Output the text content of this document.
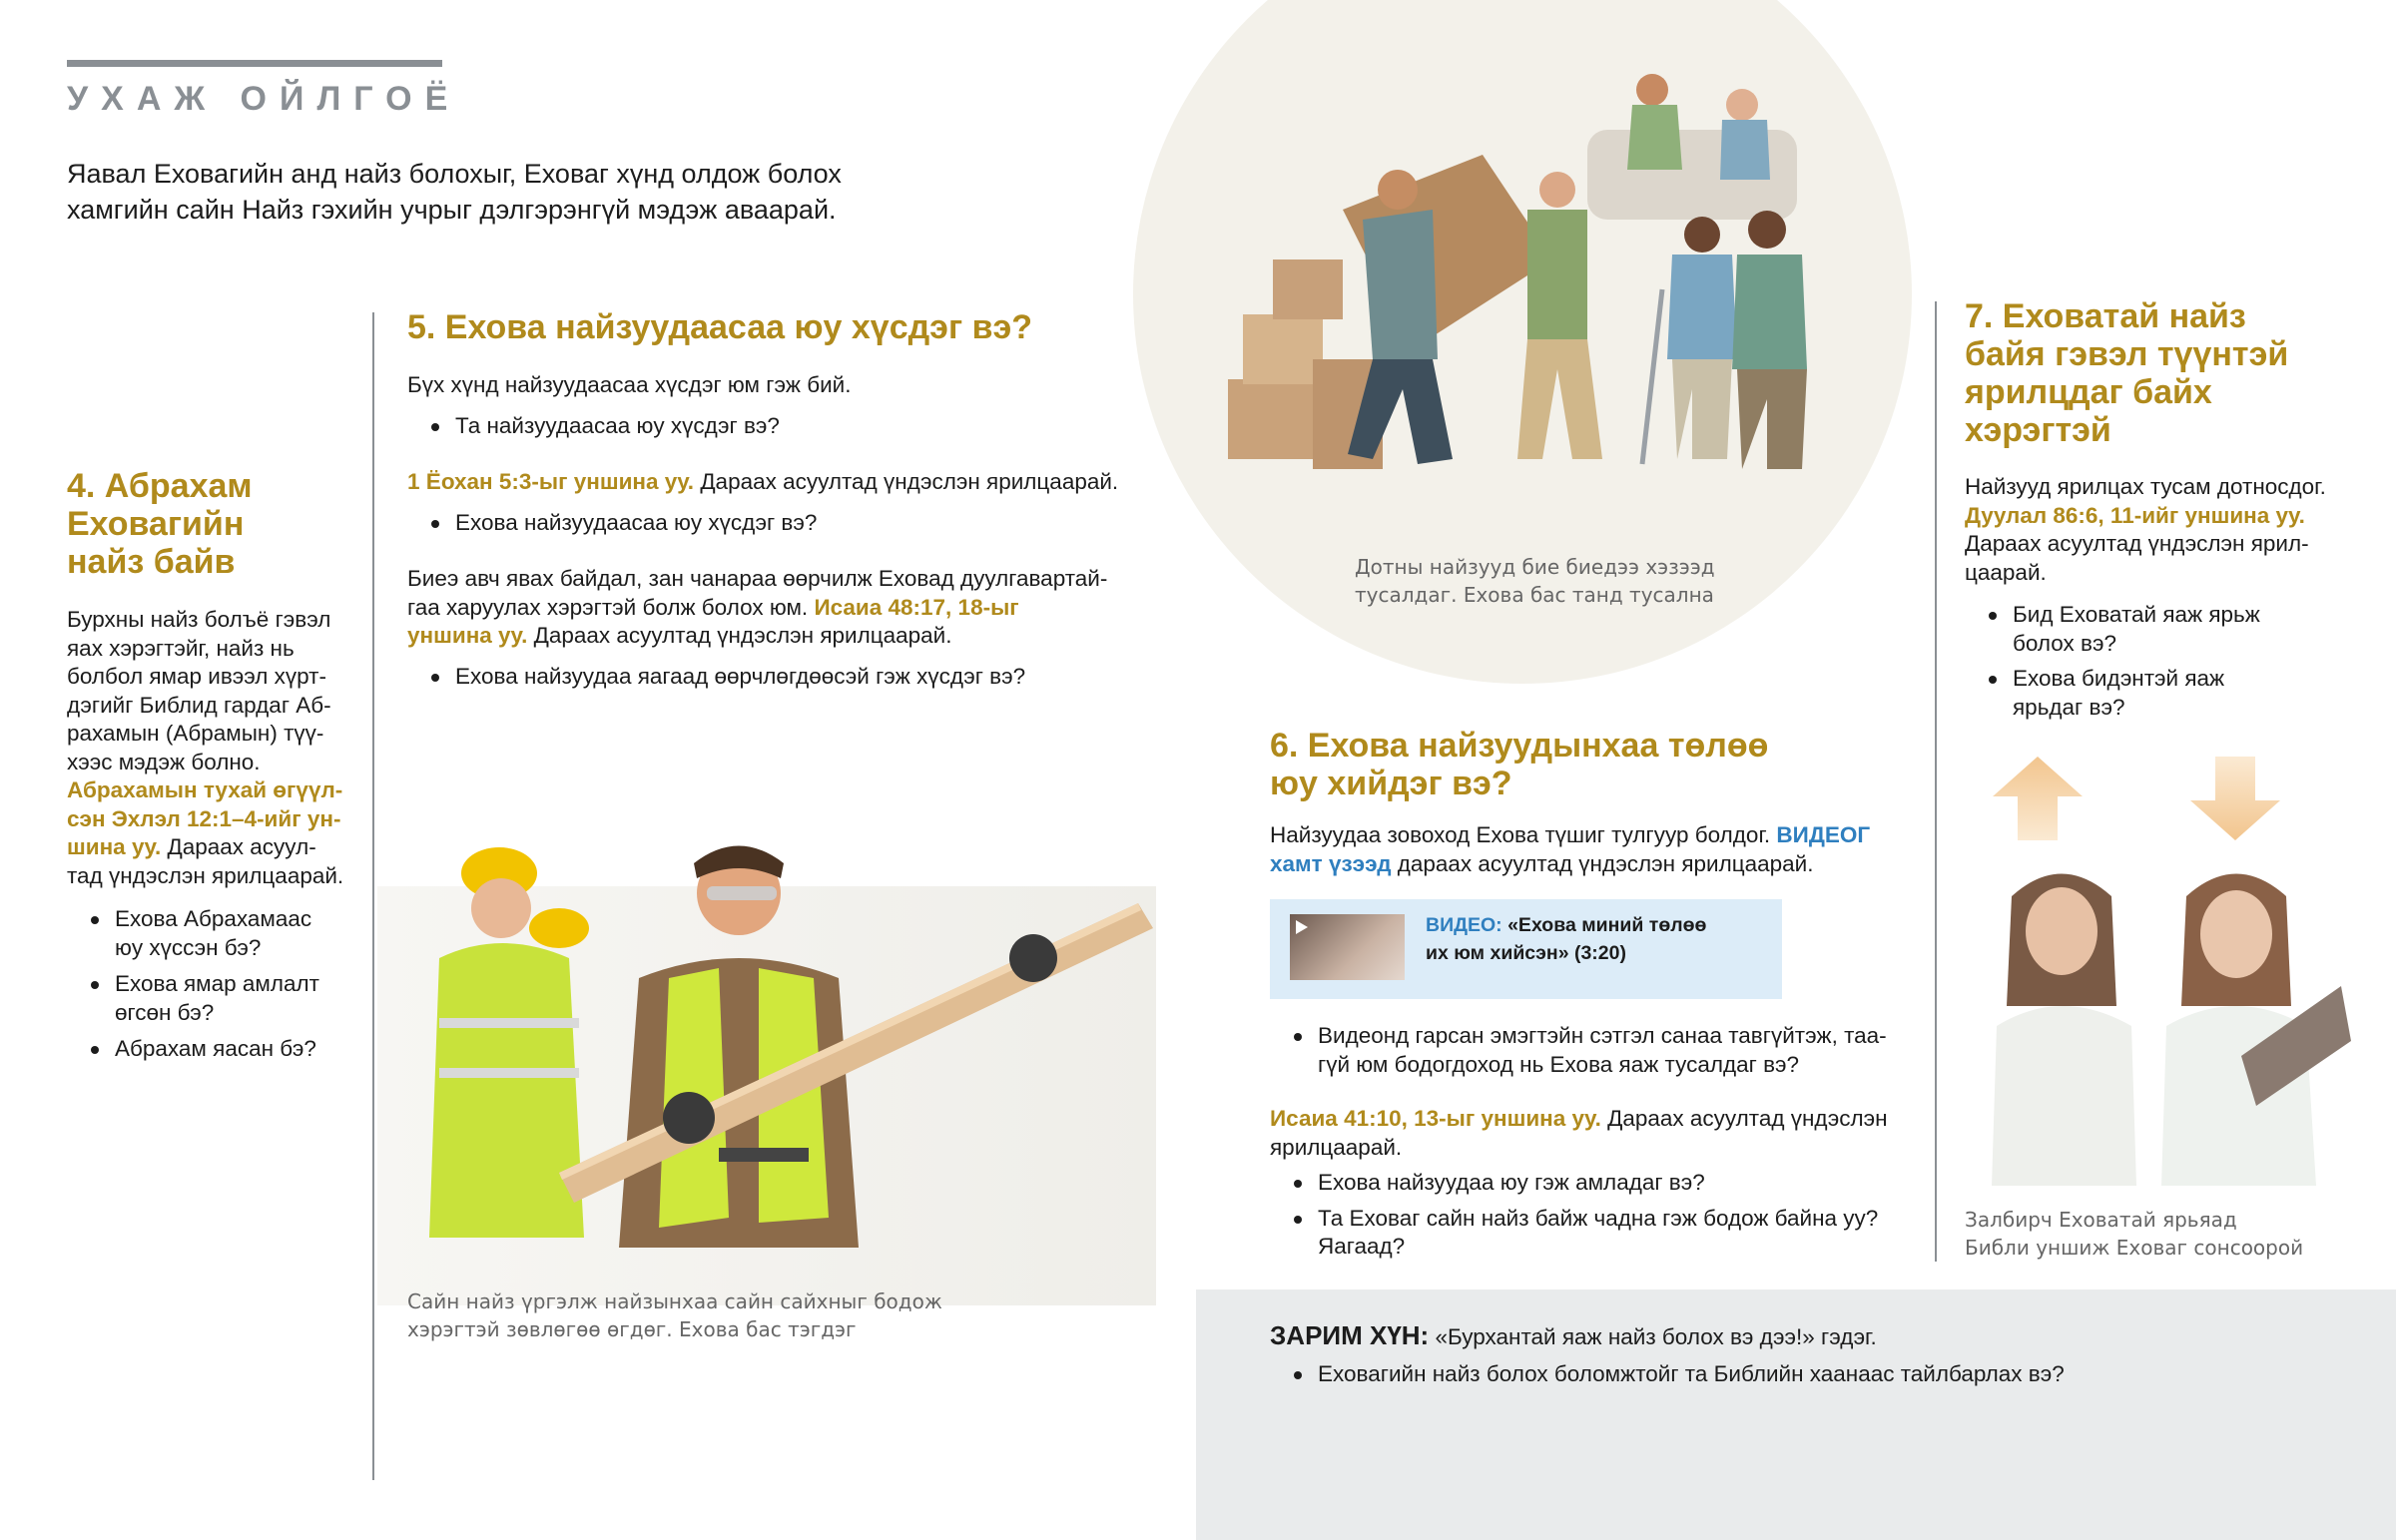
УХАЖ ОЙЛГОЁ
Яавал Еховагийн анд найз болохыг, Еховаг хүнд олдож болох
хамгийн сайн Найз гэхийн учрыг дэлгэрэнгүй мэдэж аваарай.
4. Абрахам
Еховагийн
найз байв
Бурхны найз болъё гэвэл
яах хэрэгтэйг, найз нь
болбол ямар ивээл хүрт-
дэгийг Библид гардаг Аб-
рахамын (Абрамын) түү-
хээс мэдэж болно.
Абрахамын тухай өгүүл-
сэн Эхлэл 12:1–4-ийг ун-
шина уу. Дараах асуул-
тад үндэслэн ярилцаарай.
Ехова Абрахамаас
юу хүссэн бэ?
Ехова ямар амлалт
өгсөн бэ?
Абрахам яасан бэ?
5. Ехова найзуудаасаа юу хүсдэг вэ?
Бүх хүнд найзуудаасаа хүсдэг юм гэж бий.
Та найзуудаасаа юу хүсдэг вэ?
1 Ёохан 5:3-ыг уншина уу. Дараах асуултад үндэслэн ярилцаарай.
Ехова найзуудаасаа юу хүсдэг вэ?
Биеэ авч явах байдал, зан чанараа өөрчилж Еховад дуулгавартай-
гаа харуулах хэрэгтэй болж болох юм. Исаиа 48:17, 18-ыг
уншина уу. Дараах асуултад үндэслэн ярилцаарай.
Ехова найзуудаа яагаад өөрчлөгдөөсэй гэж хүсдэг вэ?
Сайн найз үргэлж найзынхаа сайн сайхныг бодож
хэрэгтэй зөвлөгөө өгдөг. Ехова бас тэгдэг
Дотны найзууд бие биедээ хэзээд
тусалдаг. Ехова бас танд тусална
6. Ехова найзуудынхаа төлөө
юу хийдэг вэ?
Найзуудаа зовоход Ехова түшиг тулгуур болдог. ВИДЕОГ
хамт үзээд дараах асуултад үндэслэн ярилцаарай.
ВИДЕО: «Ехова миний төлөө
их юм хийсэн» (3:20)
Видеонд гарсан эмэгтэйн сэтгэл санаа тавгүйтэж, таа-
гүй юм бодогдоход нь Ехова яаж тусалдаг вэ?
Исаиа 41:10, 13-ыг уншина уу. Дараах асуултад үндэслэн
ярилцаарай.
Ехова найзуудаа юу гэж амладаг вэ?
Та Еховаг сайн найз байж чадна гэж бодож байна уу?
Яагаад?
7. Еховатай найз
байя гэвэл түүнтэй
ярилцдаг байх
хэрэгтэй
Найзууд ярилцах тусам дотносдог.
Дуулал 86:6, 11-ийг уншина уу.
Дараах асуултад үндэслэн ярил-
цаарай.
Бид Еховатай яаж ярьж
болох вэ?
Ехова бидэнтэй яаж
ярьдаг вэ?
Залбирч Еховатай ярьяад
Библи уншиж Еховаг сонсоорой
ЗАРИМ ХҮН: «Бурхантай яаж найз болох вэ дээ!» гэдэг.
Еховагийн найз болох боломжтойг та Библийн хаанаас тайлбарлах вэ?
